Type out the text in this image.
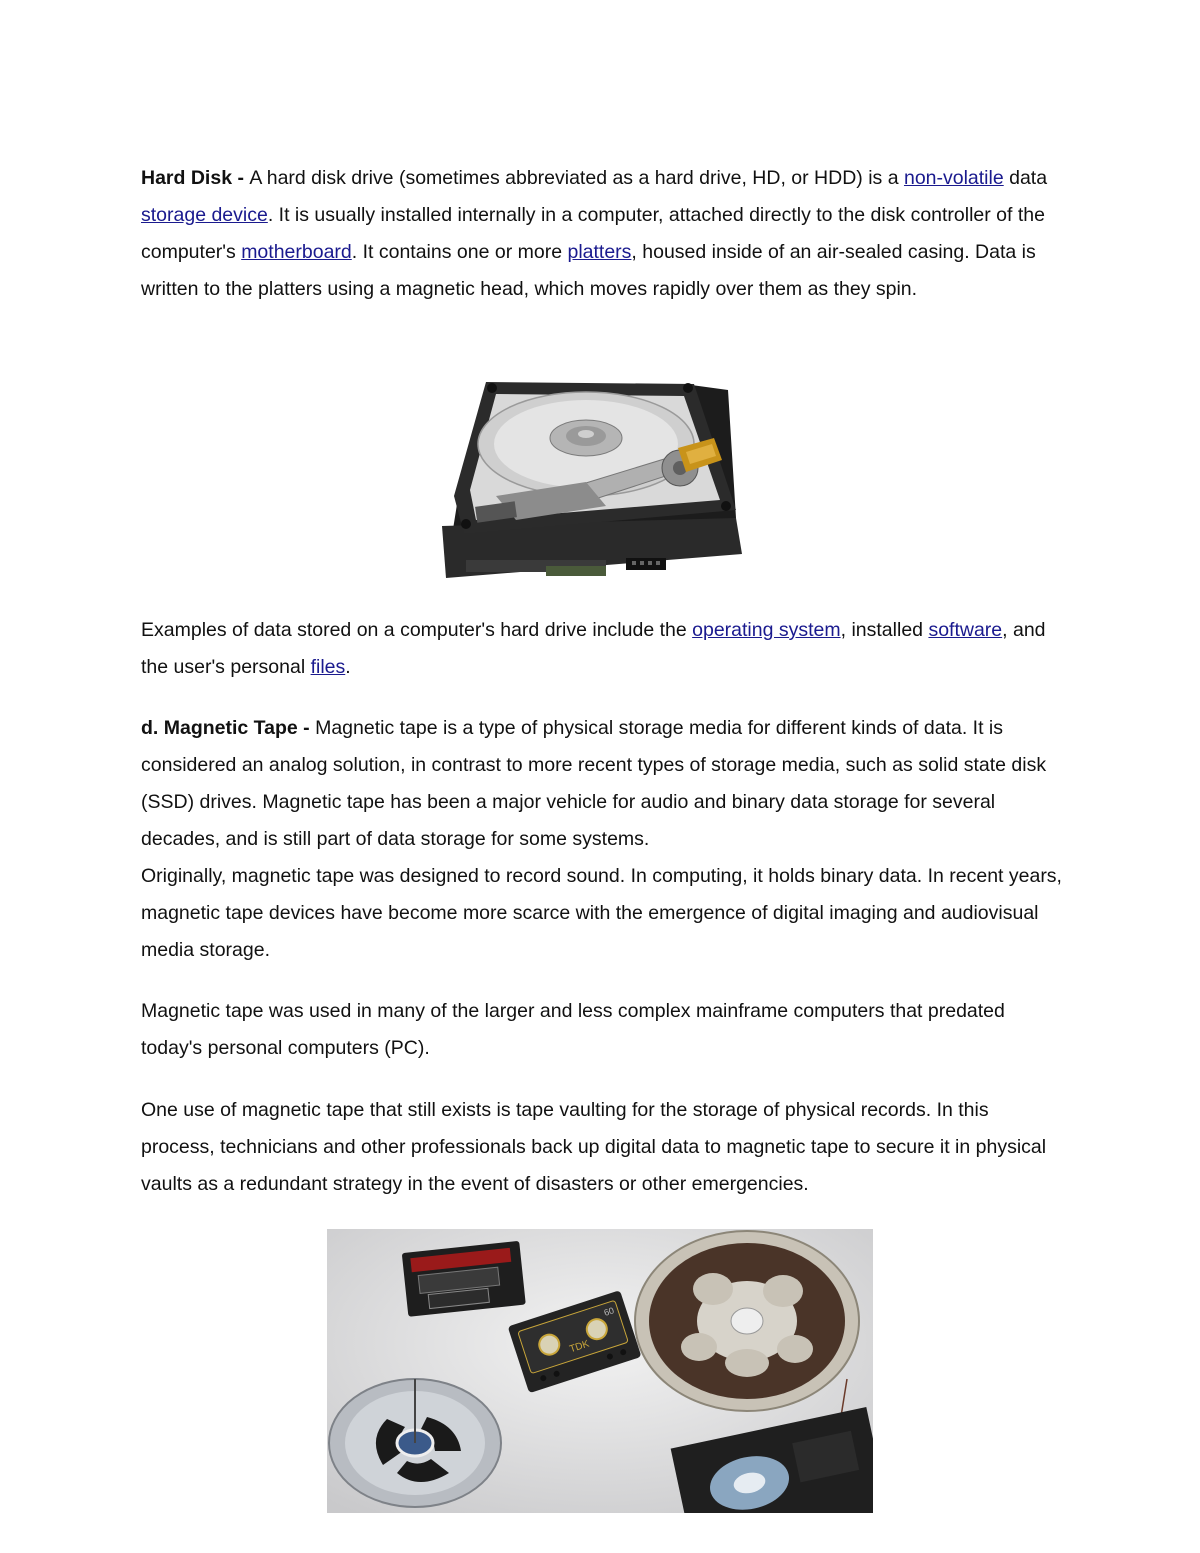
Hard Disk - A hard disk drive (sometimes abbreviated as a hard drive, HD, or HDD) is a non-volatile data storage device. It is usually installed internally in a computer, attached directly to the disk controller of the computer's motherboard. It contains one or more platters, housed inside of an air-sealed casing. Data is written to the platters using a magnetic head, which moves rapidly over them as they spin.

Examples of data stored on a computer's hard drive include the operating system, installed software, and the user's personal files.

d. Magnetic Tape - Magnetic tape is a type of physical storage media for different kinds of data. It is considered an analog solution, in contrast to more recent types of storage media, such as solid state disk (SSD) drives. Magnetic tape has been a major vehicle for audio and binary data storage for several decades, and is still part of data storage for some systems.
Originally, magnetic tape was designed to record sound. In computing, it holds binary data. In recent years, magnetic tape devices have become more scarce with the emergence of digital imaging and audiovisual media storage.

Magnetic tape was used in many of the larger and less complex mainframe computers that predated today's personal computers (PC).

One use of magnetic tape that still exists is tape vaulting for the storage of physical records. In this process, technicians and other professionals back up digital data to magnetic tape to secure it in physical vaults as a redundant strategy in the event of disasters or other emergencies.

TDK
60
